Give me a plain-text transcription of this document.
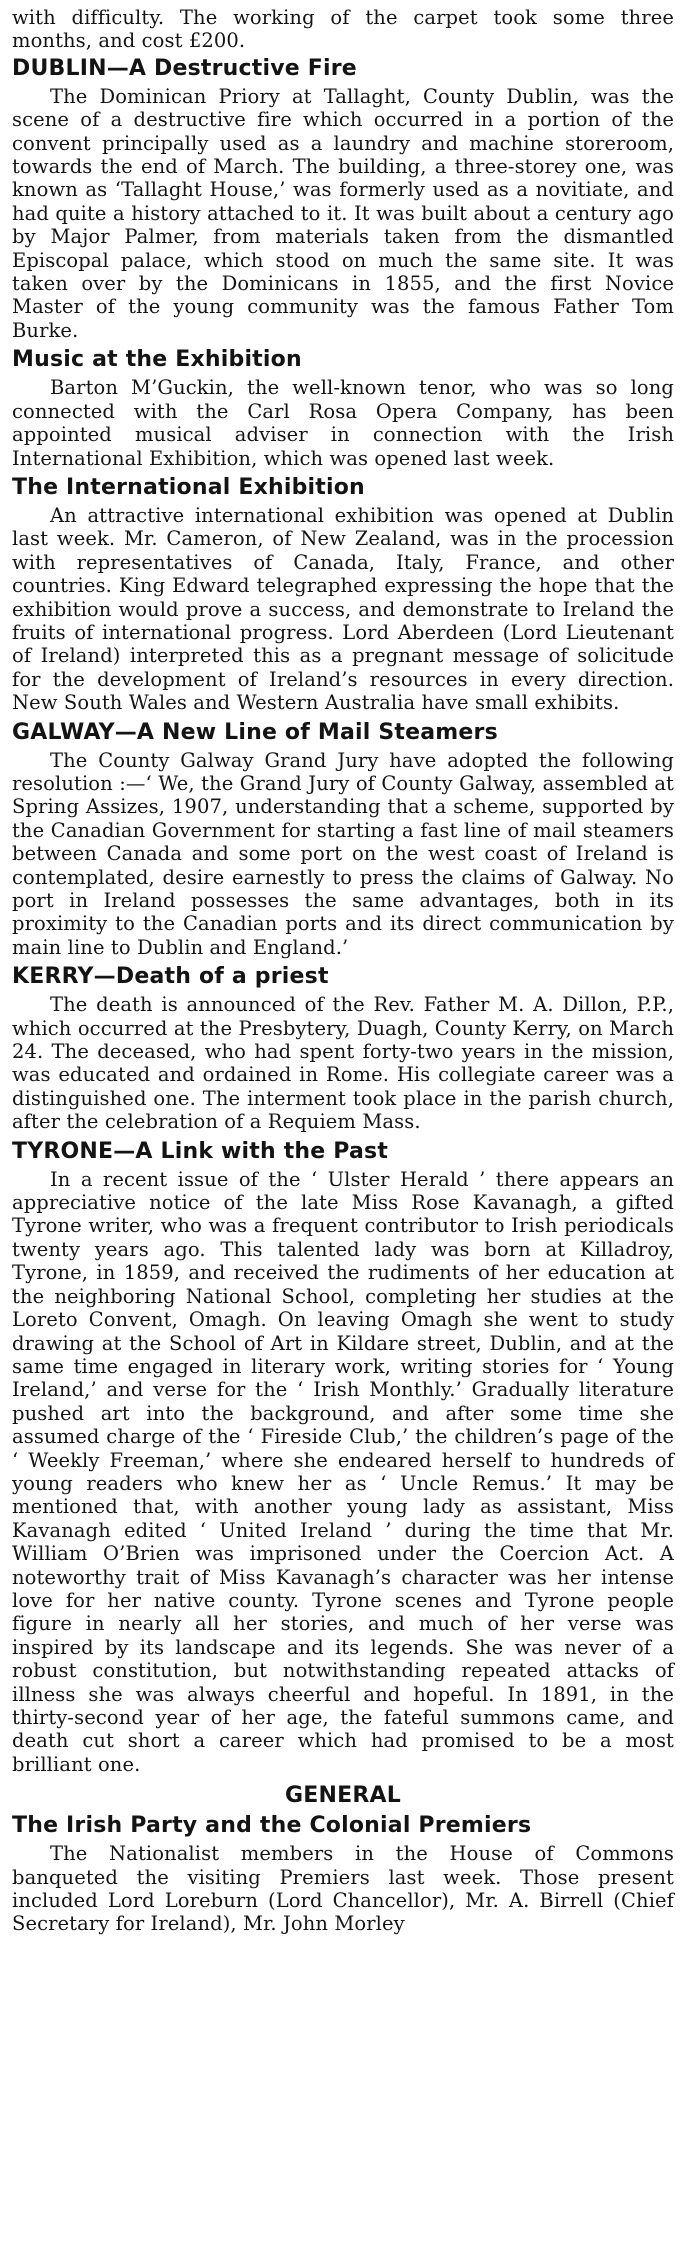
with difficulty. The working of the carpet took some three months, and cost £200.

DUBLIN—A Destructive Fire

The Dominican Priory at Tallaght, County Dublin, was the scene of a destructive fire which occurred in a portion of the convent principally used as a laundry and machine storeroom, towards the end of March. The building, a three-storey one, was known as ‘Tallaght House,’ was formerly used as a novitiate, and had quite a history attached to it. It was built about a century ago by Major Palmer, from materials taken from the dismantled Episcopal palace, which stood on much the same site. It was taken over by the Dominicans in 1855, and the first Novice Master of the young community was the famous Father Tom Burke.

Music at the Exhibition

Barton M’Guckin, the well-known tenor, who was so long connected with the Carl Rosa Opera Company, has been appointed musical adviser in connection with the Irish International Exhibition, which was opened last week.

The International Exhibition

An attractive international exhibition was opened at Dublin last week. Mr. Cameron, of New Zealand, was in the procession with representatives of Canada, Italy, France, and other countries. King Edward telegraphed expressing the hope that the exhibition would prove a success, and demonstrate to Ireland the fruits of international progress. Lord Aberdeen (Lord Lieutenant of Ireland) interpreted this as a pregnant message of solicitude for the development of Ireland’s resources in every direction. New South Wales and Western Australia have small exhibits.

GALWAY—A New Line of Mail Steamers

The County Galway Grand Jury have adopted the following resolution :—‘ We, the Grand Jury of County Galway, assembled at Spring Assizes, 1907, understanding that a scheme, supported by the Canadian Government for starting a fast line of mail steamers between Canada and some port on the west coast of Ireland is contemplated, desire earnestly to press the claims of Galway. No port in Ireland possesses the same advantages, both in its proximity to the Canadian ports and its direct communication by main line to Dublin and England.’

KERRY—Death of a priest

The death is announced of the Rev. Father M. A. Dillon, P.P., which occurred at the Presbytery, Duagh, County Kerry, on March 24. The deceased, who had spent forty-two years in the mission, was educated and ordained in Rome. His collegiate career was a distinguished one. The interment took place in the parish church, after the celebration of a Requiem Mass.

TYRONE—A Link with the Past

In a recent issue of the ‘ Ulster Herald ’ there appears an appreciative notice of the late Miss Rose Kavanagh, a gifted Tyrone writer, who was a frequent contributor to Irish periodicals twenty years ago. This talented lady was born at Killadroy, Tyrone, in 1859, and received the rudiments of her education at the neighboring National School, completing her studies at the Loreto Convent, Omagh. On leaving Omagh she went to study drawing at the School of Art in Kildare street, Dublin, and at the same time engaged in literary work, writing stories for ‘ Young Ireland,’ and verse for the ‘ Irish Monthly.’ Gradually literature pushed art into the background, and after some time she assumed charge of the ‘ Fireside Club,’ the children’s page of the ‘ Weekly Freeman,’ where she endeared herself to hundreds of young readers who knew her as ‘ Uncle Remus.’ It may be mentioned that, with another young lady as assistant, Miss Kavanagh edited ‘ United Ireland ’ during the time that Mr. William O’Brien was imprisoned under the Coercion Act. A noteworthy trait of Miss Kavanagh’s character was her intense love for her native county. Tyrone scenes and Tyrone people figure in nearly all her stories, and much of her verse was inspired by its landscape and its legends. She was never of a robust constitution, but notwithstanding repeated attacks of illness she was always cheerful and hopeful. In 1891, in the thirty-second year of her age, the fateful summons came, and death cut short a career which had promised to be a most brilliant one.

GENERAL
The Irish Party and the Colonial Premiers

The Nationalist members in the House of Commons banqueted the visiting Premiers last week. Those present included Lord Loreburn (Lord Chancellor), Mr. A. Birrell (Chief Secretary for Ireland), Mr. John Morley
